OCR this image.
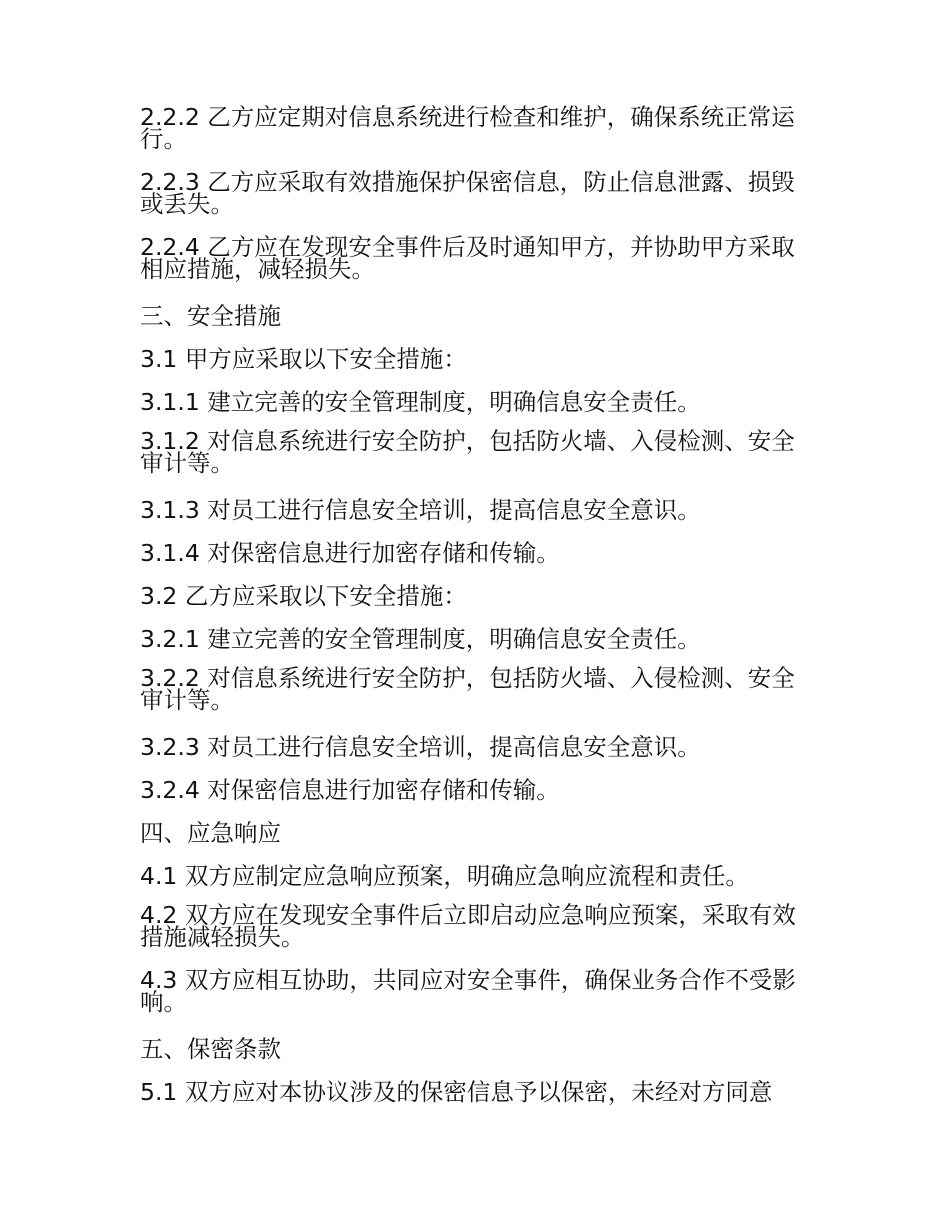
2.2.2 乙方应定期对信息系统进行检查和维护，确保系统正常运行。

2.2.3 乙方应采取有效措施保护保密信息，防止信息泄露、损毁或丢失。

2.2.4 乙方应在发现安全事件后及时通知甲方，并协助甲方采取相应措施，减轻损失。

三、安全措施

3.1 甲方应采取以下安全措施：

3.1.1 建立完善的安全管理制度，明确信息安全责任。

3.1.2 对信息系统进行安全防护，包括防火墙、入侵检测、安全审计等。

3.1.3 对员工进行信息安全培训，提高信息安全意识。

3.1.4 对保密信息进行加密存储和传输。

3.2 乙方应采取以下安全措施：

3.2.1 建立完善的安全管理制度，明确信息安全责任。

3.2.2 对信息系统进行安全防护，包括防火墙、入侵检测、安全审计等。

3.2.3 对员工进行信息安全培训，提高信息安全意识。

3.2.4 对保密信息进行加密存储和传输。

四、应急响应

4.1 双方应制定应急响应预案，明确应急响应流程和责任。

4.2 双方应在发现安全事件后立即启动应急响应预案，采取有效措施减轻损失。

4.3 双方应相互协助，共同应对安全事件，确保业务合作不受影响。

五、保密条款

5.1 双方应对本协议涉及的保密信息予以保密，未经对方同意
